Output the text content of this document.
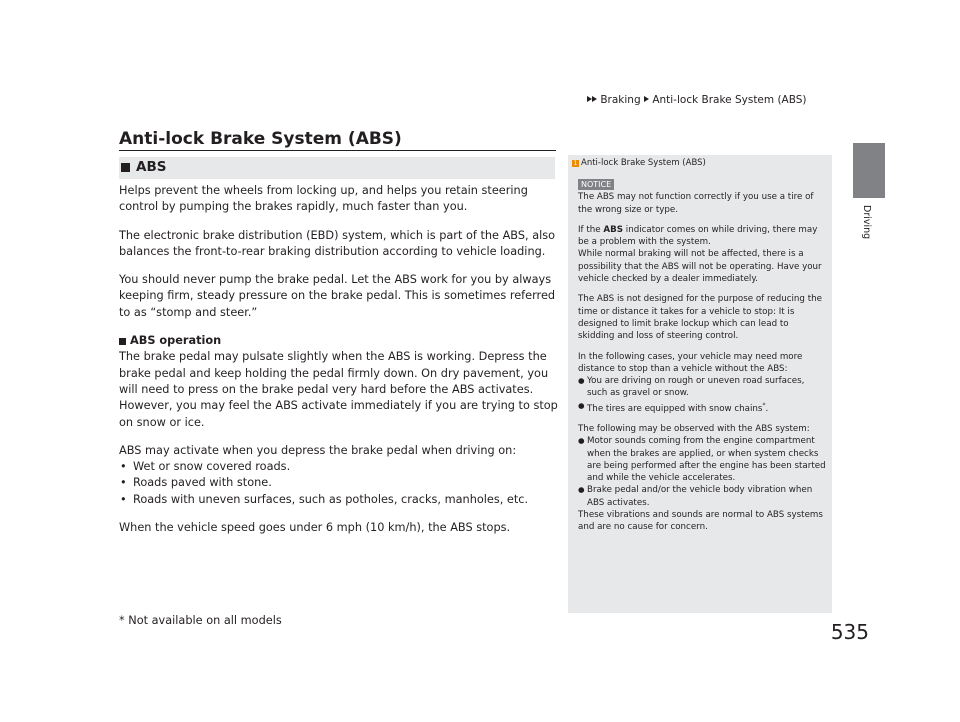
Braking Anti-lock Brake System (ABS)
535
Driving
Anti-lock Brake System (ABS)
ABS

Helps prevent the wheels from locking up, and helps you retain steering control by pumping the brakes rapidly, much faster than you.

The electronic brake distribution (EBD) system, which is part of the ABS, also balances the front-to-rear braking distribution according to vehicle loading.

You should never pump the brake pedal. Let the ABS work for you by always keeping firm, steady pressure on the brake pedal. This is sometimes referred to as “stomp and steer.”

ABS operation

The brake pedal may pulsate slightly when the ABS is working. Depress the brake pedal and keep holding the pedal firmly down. On dry pavement, you will need to press on the brake pedal very hard before the ABS activates. However, you may feel the ABS activate immediately if you are trying to stop on snow or ice.

ABS may activate when you depress the brake pedal when driving on:

• Wet or snow covered roads.
• Roads paved with stone.
• Roads with uneven surfaces, such as potholes, cracks, manholes, etc.

When the vehicle speed goes under 6 mph (10 km/h), the ABS stops.

* Not available on all models
1 Anti-lock Brake System (ABS)
NOTICE

The ABS may not function correctly if you use a tire of the wrong size or type.

If the ABS indicator comes on while driving, there may be a problem with the system.

While normal braking will not be affected, there is a possibility that the ABS will not be operating. Have your vehicle checked by a dealer immediately.

The ABS is not designed for the purpose of reducing the time or distance it takes for a vehicle to stop: It is designed to limit brake lockup which can lead to skidding and loss of steering control.

In the following cases, your vehicle may need more distance to stop than a vehicle without the ABS:

● You are driving on rough or uneven road surfaces, such as gravel or snow.
● The tires are equipped with snow chains*.

The following may be observed with the ABS system:

● Motor sounds coming from the engine compartment when the brakes are applied, or when system checks are being performed after the engine has been started and while the vehicle accelerates.
● Brake pedal and/or the vehicle body vibration when ABS activates.

These vibrations and sounds are normal to ABS systems and are no cause for concern.
